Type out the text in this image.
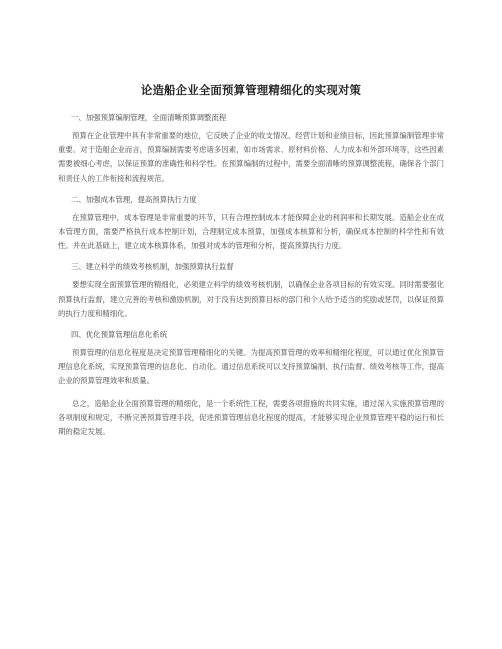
论造船企业全面预算管理精细化的实现对策

一、加强预算编制管理，全面清晰预算调整流程

预算在企业管理中具有非常重要的地位，它反映了企业的收支情况、经营计划和业绩目标，因此预算编制管理非常重要。对于造船企业而言，预算编制需要考虑诸多因素，如市场需求、原材料价格、人力成本和外部环境等，这些因素需要被细心考虑，以保证预算的准确性和科学性。在预算编制的过程中，需要全面清晰的预算调整流程，确保各个部门和责任人的工作衔接和流程规范。

二、加强成本管理，提高预算执行力度

在预算管理中，成本管理是非常重要的环节，只有合理控制成本才能保障企业的利润率和长期发展。造船企业在成本管理方面，需要严格执行成本控制计划，合理制定成本预算，加强成本核算和分析，确保成本控制的科学性和有效性。并在此基础上，建立成本核算体系，加强对成本的管理和分析，提高预算执行力度。

三、建立科学的绩效考核机制，加强预算执行监督

要想实现全面预算管理的精细化，必须建立科学的绩效考核机制，以确保企业各项目标的有效实现。同时需要强化预算执行监督，建立完善的考核和激励机制，对于没有达到预算目标的部门和个人给予适当的奖励或惩罚，以保证预算的执行力度和精细化。

四、优化预算管理信息化系统

预算管理的信息化程度是决定预算管理精细化的关键。为提高预算管理的效率和精细化程度，可以通过优化预算管理信息化系统，实现预算管理的信息化、自动化。通过信息系统可以支持预算编制、执行监督、绩效考核等工作，提高企业的预算管理效率和质量。

总之，造船企业全面预算管理的精细化，是一个系统性工程，需要各项措施的共同实施，通过深入实施预算管理的各项制度和规定，不断完善预算管理手段，促进预算管理信息化程度的提高，才能够实现企业预算管理平稳的运行和长期的稳定发展。
